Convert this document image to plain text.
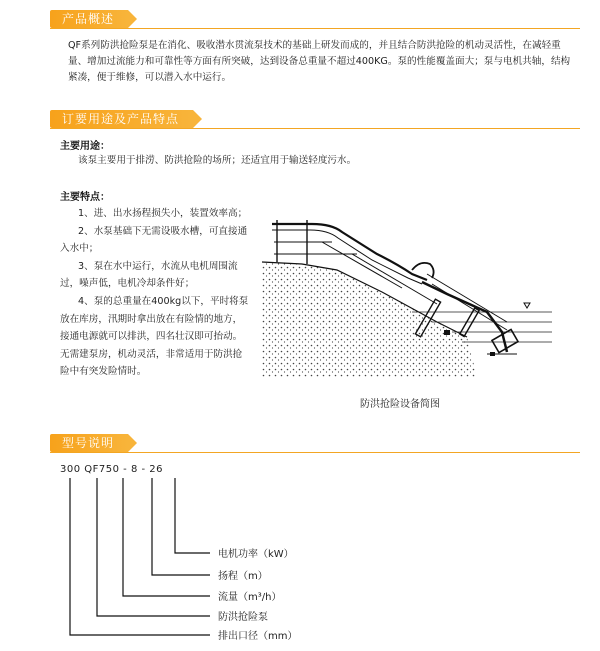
产品概述
QF系列防洪抢险泵是在消化、吸收潜水贯流泵技术的基础上研发而成的，并且结合防洪抢险的机动灵活性，在减轻重量、增加过流能力和可靠性等方面有所突破，达到设备总重量不超过400KG。泵的性能覆盖面大；泵与电机共轴，结构紧凑，便于维修，可以潜入水中运行。
订要用途及产品特点
主要用途：
该泵主要用于排涝、防洪抢险的场所；还适宜用于输送轻度污水。
主要特点：
1、进、出水扬程损失小，装置效率高；
2、水泵基础下无需设吸水槽，可直接通入水中；
3、泵在水中运行，水流从电机周围流过，噪声低，电机冷却条件好；
4、泵的总重量在400kg以下，平时将泵放在库房，汛期时拿出放在有险情的地方，接通电源就可以排洪，四名壮汉即可抬动。无需建泵房，机动灵活，非常适用于防洪抢险中有突发险情时。
防洪抢险设备简图
型号说明
300 QF750 - 8 - 26
电机功率（kW）
扬程（m）
流量（m³/h）
防洪抢险泵
排出口径（mm）
